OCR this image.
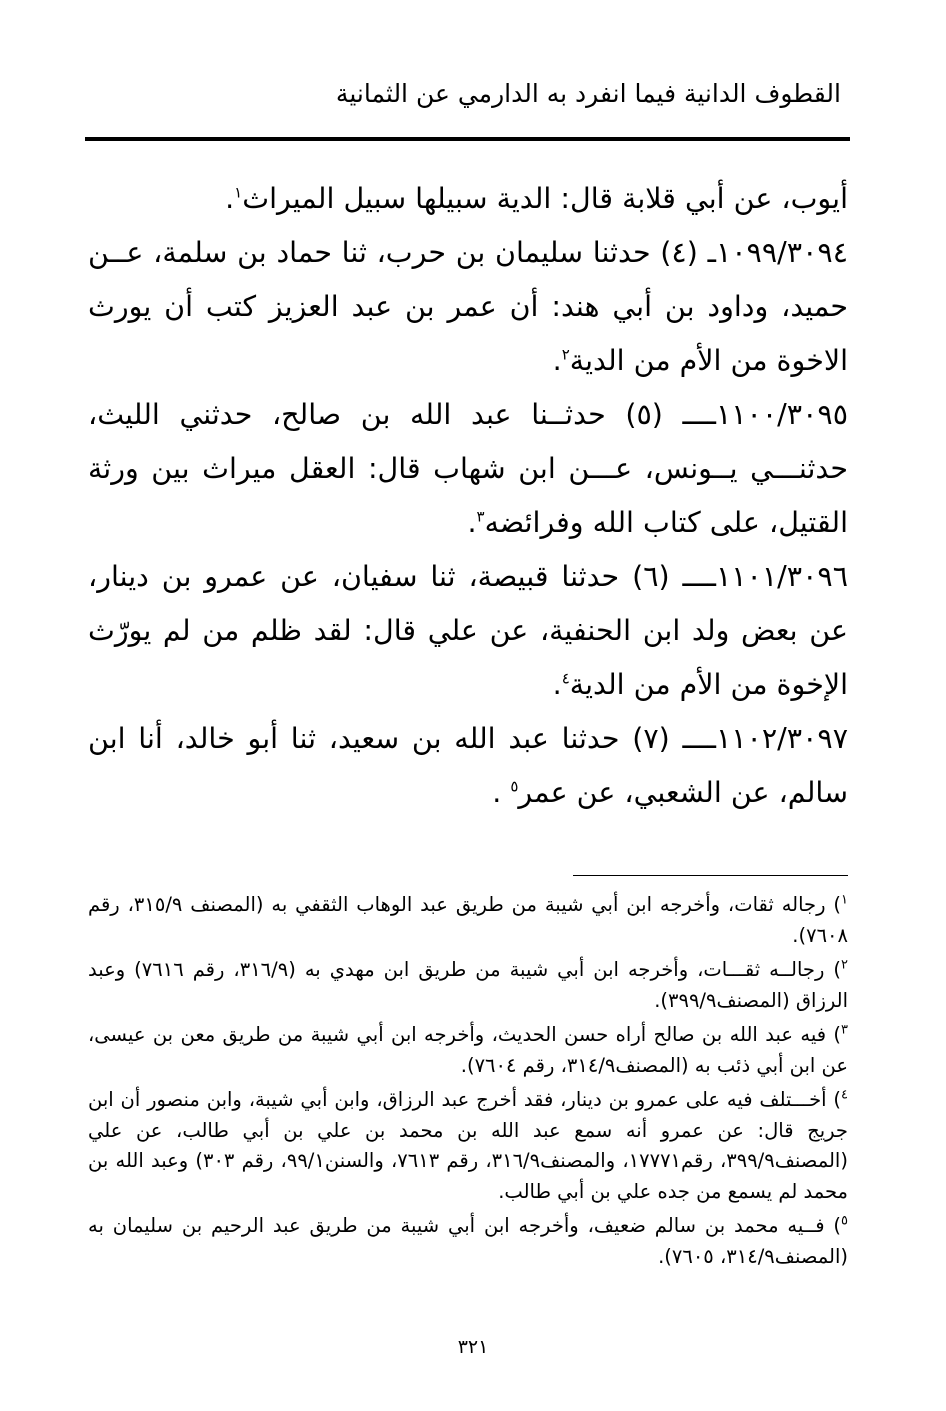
القطوف الدانية فيما انفرد به الدارمي عن الثمانية

أيوب، عن أبي قلابة قال: الدية سبيلها سبيل الميراث$^١$.

١٠٩٩/٣٠٩٤ـ (٤) حدثنا سليمان بن حرب، ثنا حماد بن سلمة، عــن حميد، وداود بن أبي هند: أن عمر بن عبد العزيز كتب أن يورث الاخوة من الأم من الدية$^٢$.

١١٠٠/٣٠٩٥ــــ (٥) حدثــنا عبد الله بن صالح، حدثني الليث، حدثنـــي يــونس، عـــن ابن شهاب قال: العقل ميراث بين ورثة القتيل، على كتاب الله وفرائضه$^٣$.

١١٠١/٣٠٩٦ــــ (٦) حدثنا قبيصة، ثنا سفيان، عن عمرو بن دينار، عن بعض ولد ابن الحنفية، عن علي قال: لقد ظلم من لم يورّث الإخوة من الأم من الدية$^٤$.

١١٠٢/٣٠٩٧ــــ (٧) حدثنا عبد الله بن سعيد، ثنا أبو خالد، أنا ابن سالم، عن الشعبي، عن عمر$^٥$ .

$^١$) رجاله ثقات، وأخرجه ابن أبي شيبة من طريق عبد الوهاب الثقفي به (المصنف ٣١٥/٩، رقم ٧٦٠٨).

$^٢$) رجالــه ثقـــات، وأخرجه ابن أبي شيبة من طريق ابن مهدي به (٣١٦/٩، رقم ٧٦١٦) وعبد الرزاق (المصنف٣٩٩/٩).

$^٣$) فيه عبد الله بن صالح أراه حسن الحديث، وأخرجه ابن أبي شيبة من طريق معن بن عيسى، عن ابن أبي ذئب به (المصنف٣١٤/٩، رقم ٧٦٠٤).

$^٤$) أخـــتلف فيه على عمرو بن دينار، فقد أخرج عبد الرزاق، وابن أبي شيبة، وابن منصور أن ابن جريج قال: عن عمرو أنه سمع عبد الله بن محمد بن علي بن أبي طالب، عن علي (المصنف٣٩٩/٩، رقم١٧٧٧١، والمصنف٣١٦/٩، رقم ٧٦١٣، والسنن٩٩/١، رقم ٣٠٣) وعبد الله بن محمد لم يسمع من جده علي بن أبي طالب.

$^٥$) فــيه محمد بن سالم ضعيف، وأخرجه ابن أبي شيبة من طريق عبد الرحيم بن سليمان به (المصنف٣١٤/٩، ٧٦٠٥).

٣٢١
